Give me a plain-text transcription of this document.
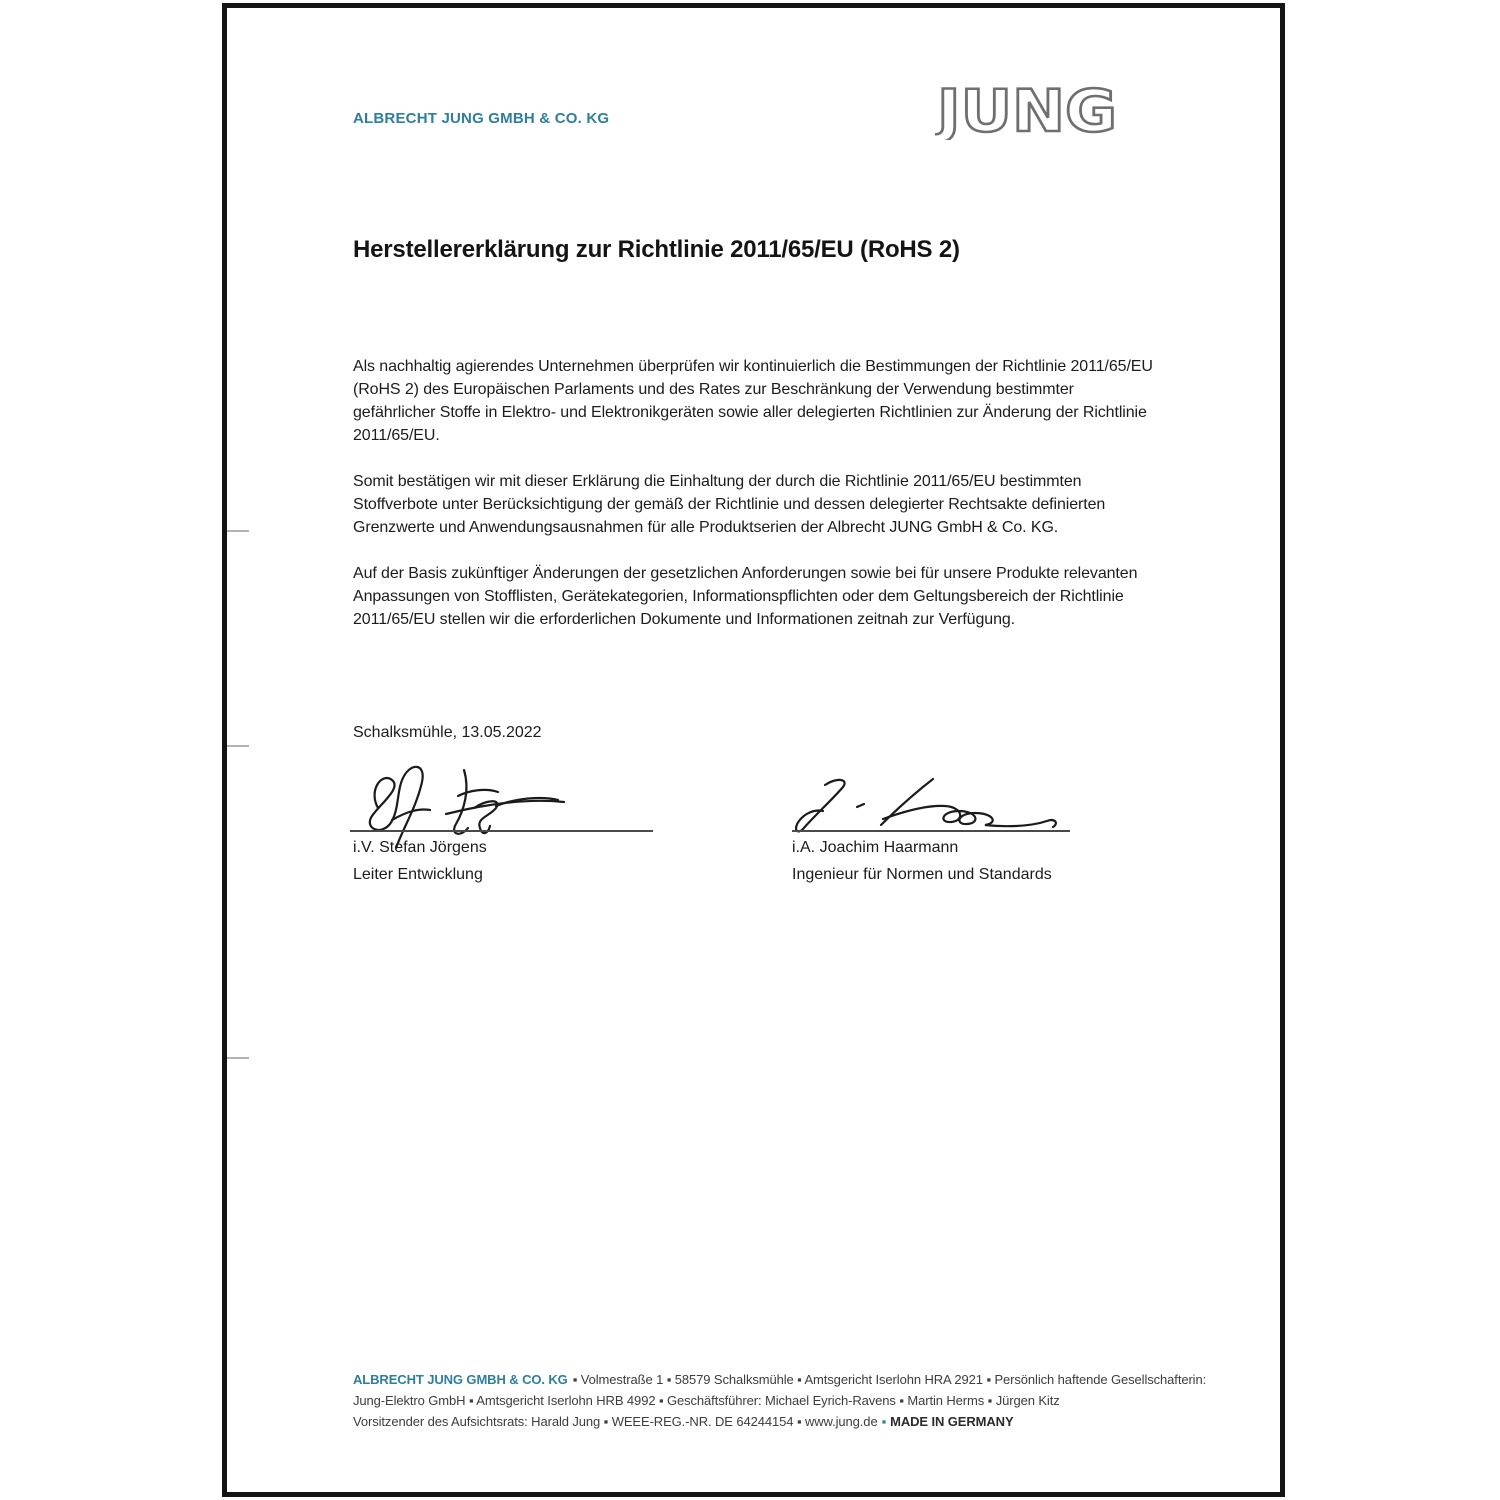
ALBRECHT JUNG GMBH & CO. KG	JUNG
Herstellererklärung zur Richtlinie 2011/65/EU (RoHS 2)

Als nachhaltig agierendes Unternehmen überprüfen wir kontinuierlich die Bestimmungen der Richtlinie 2011/65/EU (RoHS 2) des Europäischen Parlaments und des Rates zur Beschränkung der Verwendung bestimmter gefährlicher Stoffe in Elektro- und Elektronikgeräten sowie aller delegierten Richtlinien zur Änderung der Richtlinie 2011/65/EU.

Somit bestätigen wir mit dieser Erklärung die Einhaltung der durch die Richtlinie 2011/65/EU bestimmten Stoffverbote unter Berücksichtigung der gemäß der Richtlinie und dessen delegierter Rechtsakte definierten Grenzwerte und Anwendungsausnahmen für alle Produktserien der Albrecht JUNG GmbH & Co. KG.

Auf der Basis zukünftiger Änderungen der gesetzlichen Anforderungen sowie bei für unsere Produkte relevanten Anpassungen von Stofflisten, Gerätekategorien, Informationspflichten oder dem Geltungsbereich der Richtlinie 2011/65/EU stellen wir die erforderlichen Dokumente und Informationen zeitnah zur Verfügung.

Schalksmühle, 13.05.2022
i.V. Stefan Jörgens
Leiter Entwicklung
i.A. Joachim Haarmann
Ingenieur für Normen und Standards
ALBRECHT JUNG GMBH & CO. KG ▪ Volmestraße 1 ▪ 58579 Schalksmühle ▪ Amtsgericht Iserlohn HRA 2921 ▪ Persönlich haftende Gesellschafterin:
Jung-Elektro GmbH ▪ Amtsgericht Iserlohn HRB 4992 ▪ Geschäftsführer: Michael Eyrich-Ravens ▪ Martin Herms ▪ Jürgen Kitz
Vorsitzender des Aufsichtsrats: Harald Jung ▪ WEEE-REG.-NR. DE 64244154 ▪ www.jung.de ▪ MADE IN GERMANY
